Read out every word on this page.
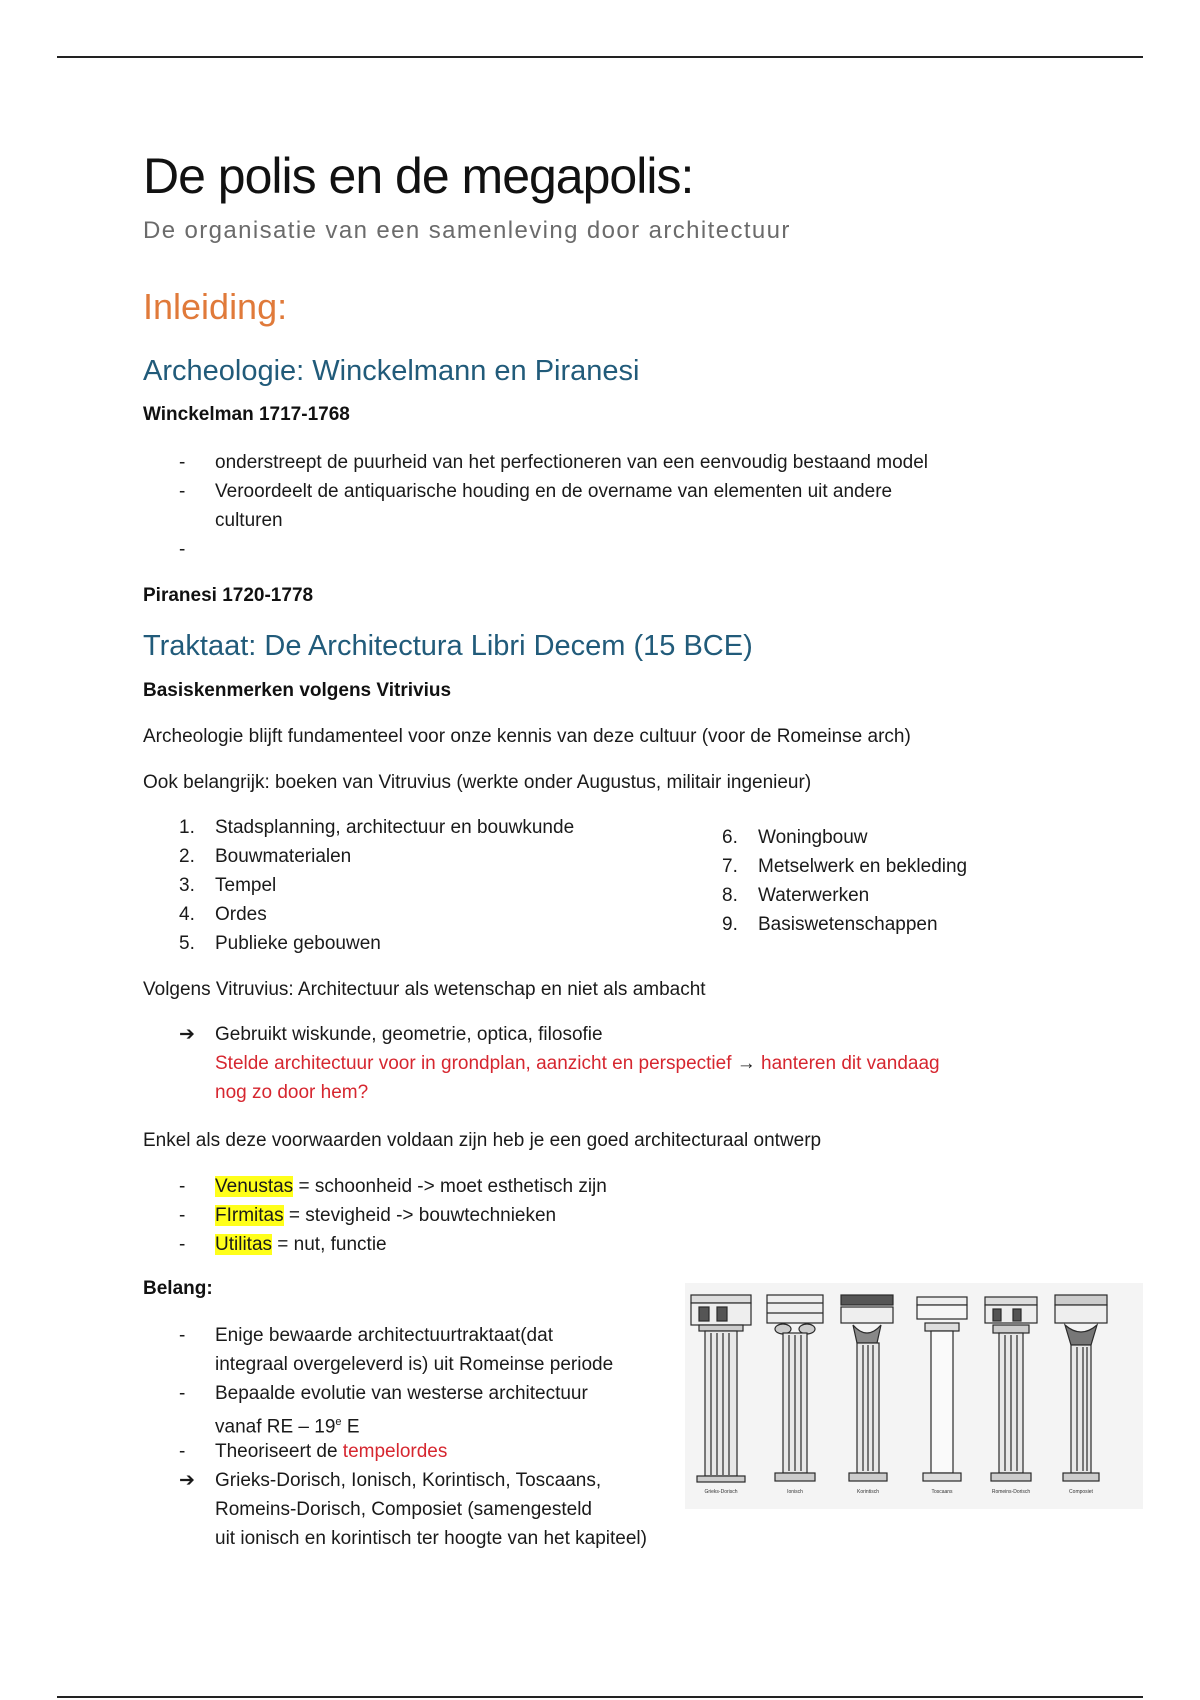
De polis en de megapolis:
De organisatie van een samenleving door architectuur
Inleiding:
Archeologie: Winckelmann en Piranesi
Winckelman 1717-1768
-	onderstreept de puurheid van het perfectioneren van een eenvoudig bestaand model
-	Veroordeelt de antiquarische houding en de overname van elementen uit andere
culturen
-
Piranesi 1720-1778
Traktaat: De Architectura Libri Decem (15 BCE)
Basiskenmerken volgens Vitrivius
Archeologie blijft fundamenteel voor onze kennis van deze cultuur (voor de Romeinse arch)
Ook belangrijk: boeken van Vitruvius (werkte onder Augustus, militair ingenieur)
1.	Stadsplanning, architectuur en bouwkunde
2.	Bouwmaterialen
3.	Tempel
4.	Ordes
5.	Publieke gebouwen
6.	Woningbouw
7.	Metselwerk en bekleding
8.	Waterwerken
9.	Basiswetenschappen
Volgens Vitruvius: Architectuur als wetenschap en niet als ambacht
➔	Gebruikt wiskunde, geometrie, optica, filosofie
Stelde architectuur voor in grondplan, aanzicht en perspectief → hanteren dit vandaag
nog zo door hem?
Enkel als deze voorwaarden voldaan zijn heb je een goed architecturaal ontwerp
-	Venustas = schoonheid -> moet esthetisch zijn
-	FIrmitas = stevigheid -> bouwtechnieken
-	Utilitas = nut, functie
Belang:
-	Enige bewaarde architectuurtraktaat(dat
integraal overgeleverd is) uit Romeinse periode
-	Bepaalde evolutie van westerse architectuur
vanaf RE – 19e E
-	Theoriseert de tempelordes
➔	Grieks-Dorisch, Ionisch, Korintisch, Toscaans,
Romeins-Dorisch, Composiet (samengesteld
uit ionisch en korintisch ter hoogte van het kapiteel)
Grieks-Dorisch	Ionisch	Korintisch	Toscaans	Romeins-Dorisch	Composiet
